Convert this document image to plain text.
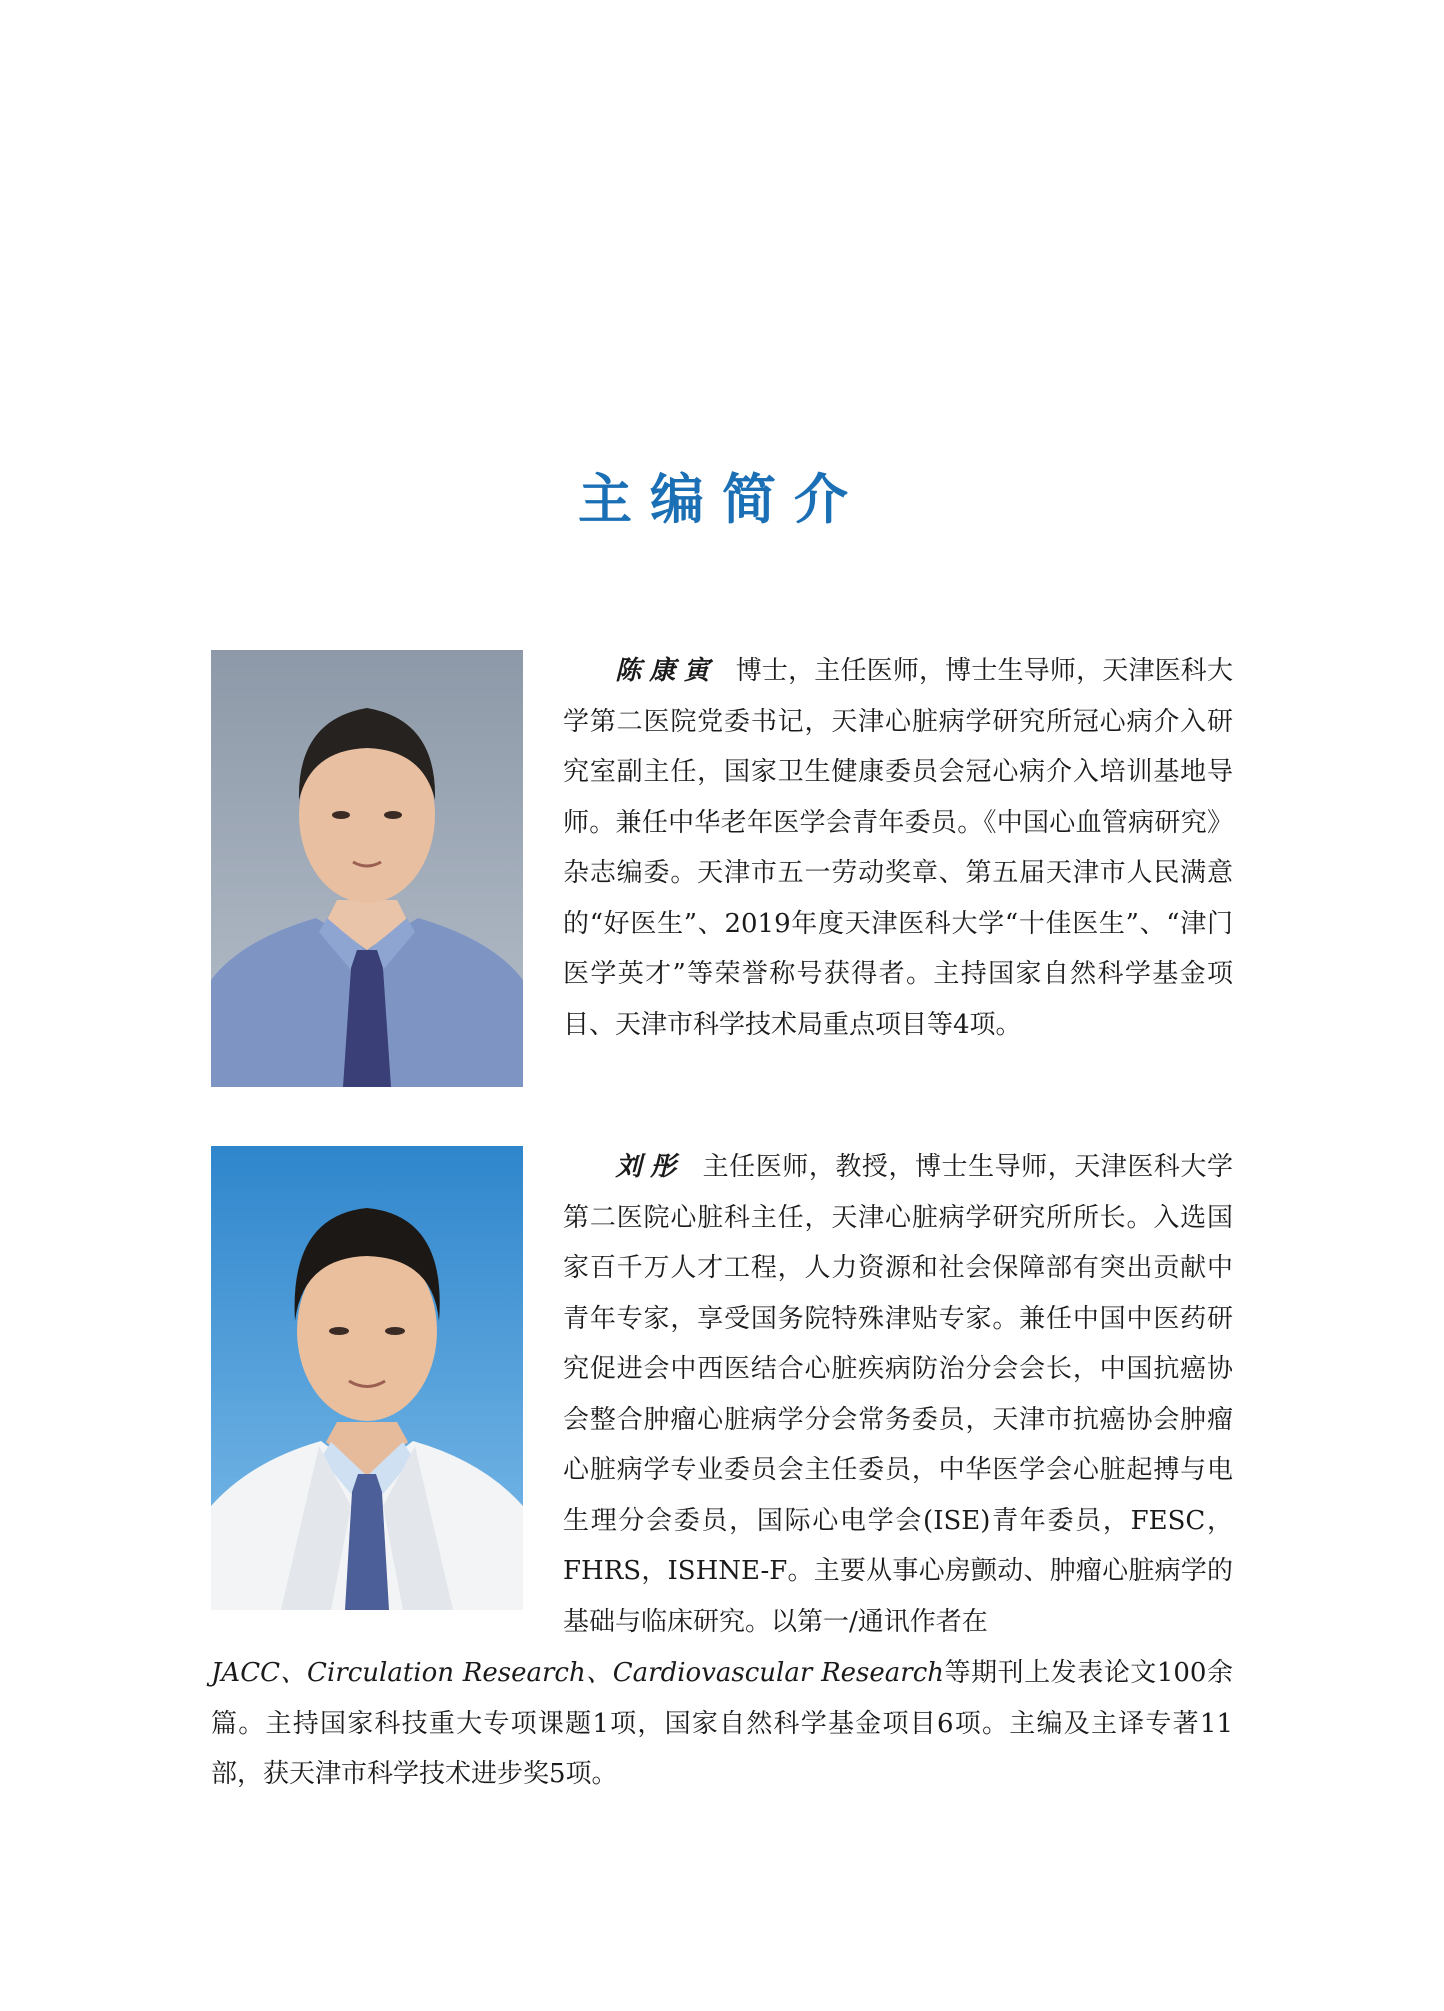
主编简介
陈康寅 博士，主任医师，博士生导师，天津医科大学第二医院党委书记，天津心脏病学研究所冠心病介入研究室副主任，国家卫生健康委员会冠心病介入培训基地导师。兼任中华老年医学会青年委员。《中国心血管病研究》杂志编委。天津市五一劳动奖章、第五届天津市人民满意的“好医生”、2019年度天津医科大学“十佳医生”、“津门医学英才”等荣誉称号获得者。主持国家自然科学基金项目、天津市科学技术局重点项目等4项。
刘彤 主任医师，教授，博士生导师，天津医科大学第二医院心脏科主任，天津心脏病学研究所所长。入选国家百千万人才工程，人力资源和社会保障部有突出贡献中青年专家，享受国务院特殊津贴专家。兼任中国中医药研究促进会中西医结合心脏疾病防治分会会长，中国抗癌协会整合肿瘤心脏病学分会常务委员，天津市抗癌协会肿瘤心脏病学专业委员会主任委员，中华医学会心脏起搏与电生理分会委员，国际心电学会(ISE)青年委员，FESC，FHRS，ISHNE-F。主要从事心房颤动、肿瘤心脏病学的基础与临床研究。以第一/通讯作者在
JACC、Circulation Research、Cardiovascular Research等期刊上发表论文100余篇。主持国家科技重大专项课题1项，国家自然科学基金项目6项。主编及主译专著11部，获天津市科学技术进步奖5项。
